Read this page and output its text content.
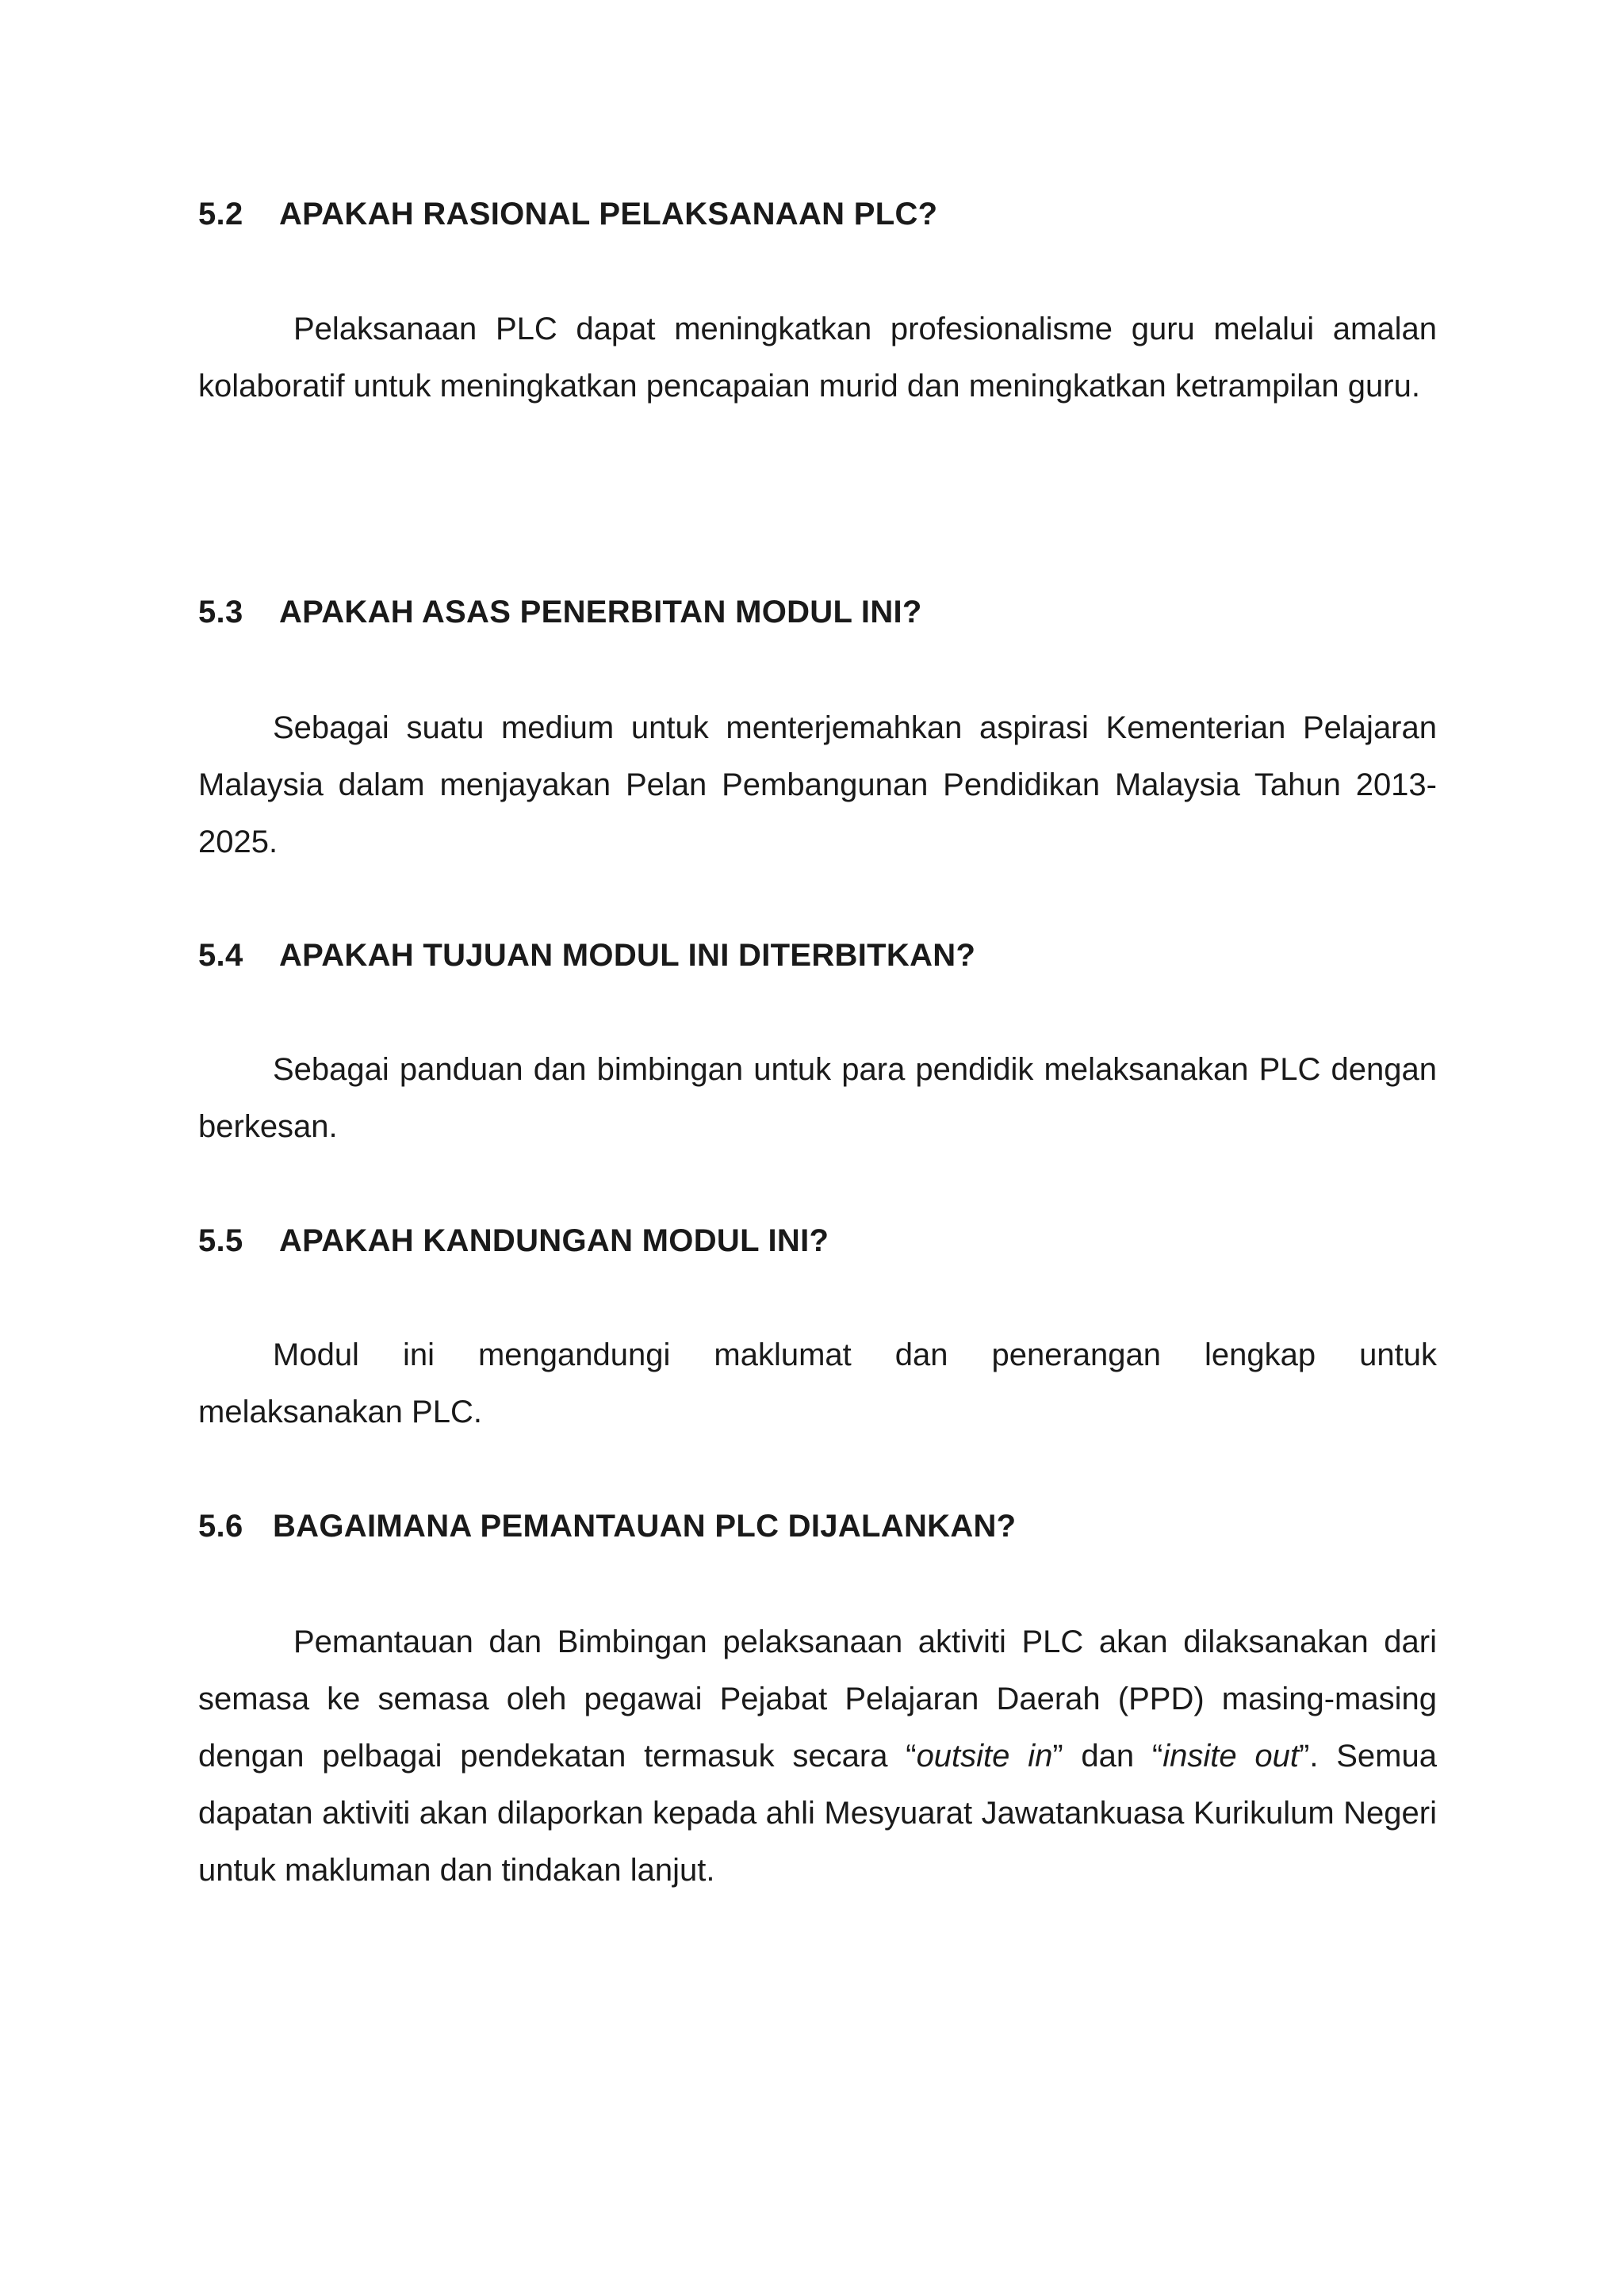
5.2 APAKAH RASIONAL PELAKSANAAN PLC?
Pelaksanaan PLC dapat meningkatkan profesionalisme guru melalui amalan kolaboratif untuk meningkatkan pencapaian murid dan meningkatkan ketrampilan guru.
5.3 APAKAH ASAS PENERBITAN MODUL INI?
Sebagai suatu medium untuk menterjemahkan aspirasi Kementerian Pelajaran Malaysia dalam menjayakan Pelan Pembangunan Pendidikan Malaysia Tahun 2013-2025.
5.4 APAKAH TUJUAN MODUL INI DITERBITKAN?
Sebagai panduan dan bimbingan untuk para pendidik melaksanakan PLC dengan berkesan.
5.5 APAKAH KANDUNGAN MODUL INI?
Modul ini mengandungi maklumat dan penerangan lengkap untuk
melaksanakan PLC.
5.6 BAGAIMANA PEMANTAUAN PLC DIJALANKAN?
Pemantauan dan Bimbingan pelaksanaan aktiviti PLC akan dilaksanakan dari semasa ke semasa oleh pegawai Pejabat Pelajaran Daerah (PPD) masing-masing dengan pelbagai pendekatan termasuk secara “outsite in” dan “insite out”. Semua dapatan aktiviti akan dilaporkan kepada ahli Mesyuarat Jawatankuasa Kurikulum Negeri untuk makluman dan tindakan lanjut.
